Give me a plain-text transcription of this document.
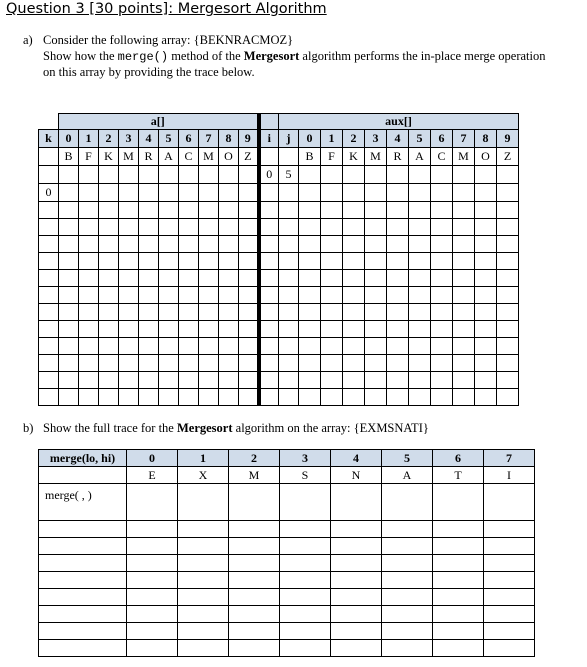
Question 3 [30 points]: Mergesort Algorithm
a) Consider the following array: {BEKNRACMOZ}
Show how the merge() method of the Mergesort algorithm performs the in-place merge operation
on this array by providing the trace below.
	a[]											aux[]										
k	0	1	2	3	4	5	6	7	8	9	i	j	0	1	2	3	4	5	6	7	8	9
	B	F	K	M	R	A	C	M	O	Z			B	F	K	M	R	A	C	M	O	Z
											0	5										
0																						

b) Show the full trace for the Mergesort algorithm on the array: {EXMSNATI}
merge(lo, hi)	0	1	2	3	4	5	6	7
	E	X	M	S	N	A	T	I
merge( , )								
